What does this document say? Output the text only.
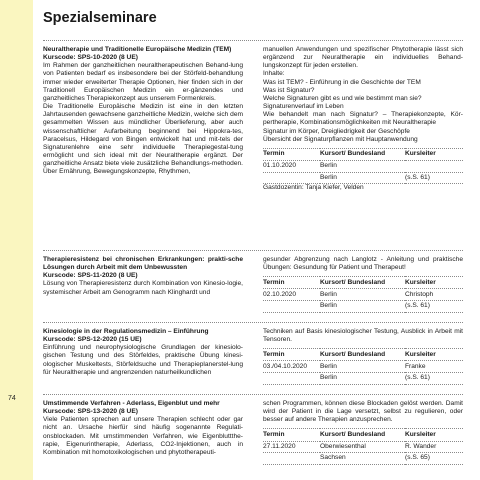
74
Spezialseminare

Neuraltherapie und Traditionelle Europäische Medizin (TEM)

Kurscode: SPS-10-2020 (8 UE)

Im Rahmen der ganzheitlichen neuraltherapeutischen Behand-lung von Patienten bedarf es insbesondere bei der Störfeld-behandlung immer wieder erweiterter Therapie Optionen, hier finden sich in der Traditionell Europäischen Medizin ein er-gänzendes und ganzheitliches Therapiekonzept aus unserem Formenkreis.

Die Traditionelle Europäische Medizin ist eine in den letzten Jahrtausenden gewachsene ganzheitliche Medizin, welche sich dem gesammelten Wissen aus mündlicher Überlieferung, aber auch wissenschaftlicher Aufarbeitung beginnend bei Hippokra-tes, Paracelsus, Hildegard von Bingen entwickelt hat und mit-tels der Signaturenlehre eine sehr individuelle Therapiegestal-tung ermöglicht und sich ideal mit der Neuraltherapie ergänzt. Der ganzheitliche Ansatz biete viele zusätzliche Behandlungs-methoden. Über Ernährung, Bewegungskonzepte, Rhythmen,

manuellen Anwendungen und spezifischer Phytotherapie lässt sich ergänzend zur Neuraltherapie ein individuelles Behand-lungskonzept für jeden erstellen.

Inhalte:

Was ist TEM? - Einführung in die Geschichte der TEM

Was ist Signatur?

Welche Signaturen gibt es und wie bestimmt man sie?

Signaturenverlauf im Leben

Wie behandelt man nach Signatur? – Therapiekonzepte, Kör-pertherapie, Kombinationsmöglichkeiten mit Neuraltherapie

Signatur im Körper, Dreigliedrigkeit der Geschöpfe

Übersicht der Signaturpflanzen mit Hauptanwendung

Termin	Kursort/ Bundesland	Kursleiter
01.10.2020	Berlin	
	Berlin	(s.S. 61)

Gastdozentin: Tanja Kiefer, Velden

Therapieresistenz bei chronischen Erkrankungen: prakti-sche Lösungen durch Arbeit mit dem Unbewussten

Kurscode: SPS-11-2020 (8 UE)

Lösung von Therapieresistenz durch Kombination von Kinesio-logie, systemischer Arbeit am Genogramm nach Klinghardt und

gesunder Abgrenzung nach Langlotz - Anleitung und praktische Übungen: Gesundung für Patient und Therapeut!

Termin	Kursort/ Bundesland	Kursleiter
02.10.2020	Berlin	Christoph
	Berlin	(s.S. 61)

Kinesiologie in der Regulationsmedizin – Einführung

Kurscode: SPS-12-2020 (15 UE)

Einführung und neurophysiologische Grundlagen der kinesiolo-gischen Testung und des Störfeldes, praktische Übung kinesi-ologischer Muskeltests, Störfeldsuche und Therapieplanerstel-lung für Neuraltherapie und angrenzenden naturheilkundlichen

Techniken auf Basis kinesiologischer Testung, Ausblick in Arbeit mit Tensoren.

Termin	Kursort/ Bundesland	Kursleiter
03./04.10.2020	Berlin	Franke
	Berlin	(s.S. 61)

Umstimmende Verfahren - Aderlass, Eigenblut und mehr

Kurscode: SPS-13-2020 (8 UE)

Viele Patienten sprechen auf unsere Therapien schlecht oder gar nicht an. Ursache hierfür sind häufig sogenannte Regulati-onsblockaden. Mit umstimmenden Verfahren, wie Eigenbluttthe-rapie, Eigenurintherapie, Aderlass, CO2-Injektionen, auch in Kombination mit homotoxikologischen und phytotherapeuti-

schen Programmen, können diese Blockaden gelöst werden. Damit wird der Patient in die Lage versetzt, selbst zu regulieren, oder besser auf andere Therapien anzusprechen.

Termin	Kursort/ Bundesland	Kursleiter
27.11.2020	Oberwiesenthal	R. Wander
	Sachsen	(s.S. 65)
